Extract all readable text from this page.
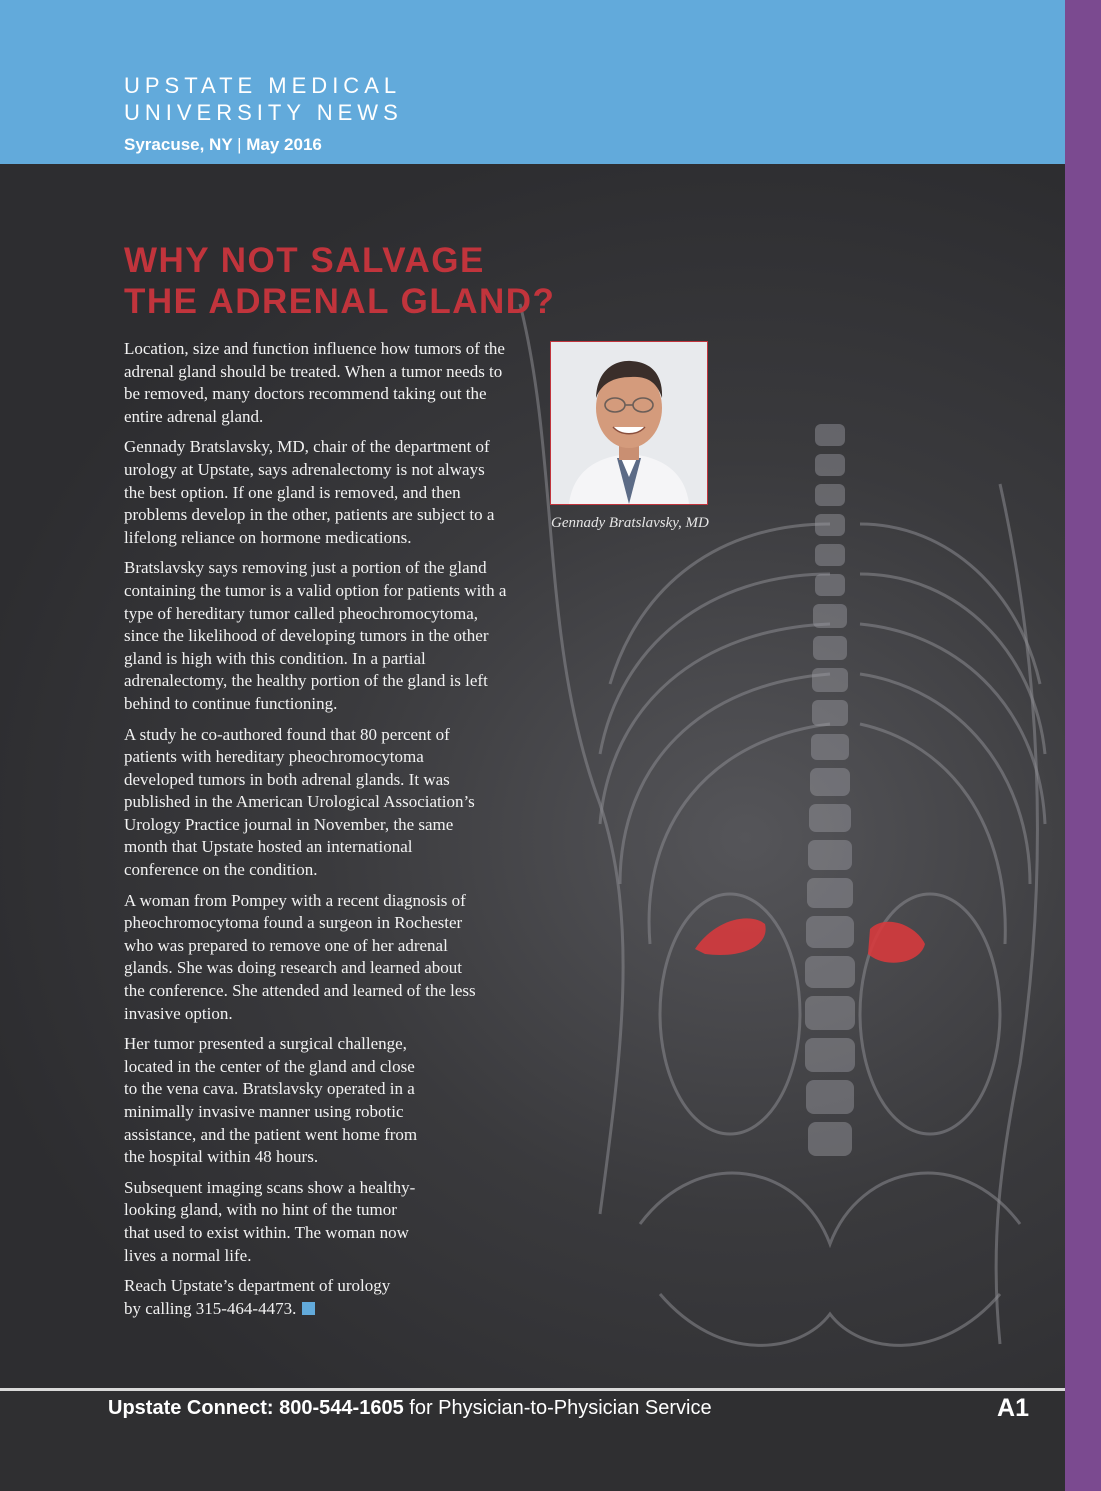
UPSTATE MEDICAL
UNIVERSITY NEWS
Syracuse, NY | May 2016
WHY NOT SALVAGE
THE ADRENAL GLAND?

Location, size and function influence how tumors of the adrenal gland should be treated. When a tumor needs to be removed, many doctors recommend taking out the entire adrenal gland.

Gennady Bratslavsky, MD, chair of the department of urology at Upstate, says adrenalectomy is not always the best option. If one gland is removed, and then problems develop in the other, patients are subject to a lifelong reliance on hormone medications.

Bratslavsky says removing just a portion of the gland containing the tumor is a valid option for patients with a type of hereditary tumor called pheochromocytoma, since the likelihood of developing tumors in the other gland is high with this condition. In a partial adrenalectomy, the healthy portion of the gland is left behind to continue functioning.

A study he co-authored found that 80 percent of patients with hereditary pheochromocytoma developed tumors in both adrenal glands. It was published in the American Urological Association’s Urology Practice journal in November, the same month that Upstate hosted an international conference on the condition.

A woman from Pompey with a recent diagnosis of pheochromocytoma found a surgeon in Rochester who was prepared to remove one of her adrenal glands. She was doing research and learned about the conference. She attended and learned of the less invasive option.

Her tumor presented a surgical challenge, located in the center of the gland and close to the vena cava. Bratslavsky operated in a minimally invasive manner using robotic assistance, and the patient went home from the hospital within 48 hours.

Subsequent imaging scans show a healthy-looking gland, with no hint of the tumor that used to exist within. The woman now lives a normal life.

Reach Upstate’s department of urology by calling 315-464-4473.

Gennady Bratslavsky, MD
Upstate Connect: 800-544-1605 for Physician-to-Physician Service	A1
